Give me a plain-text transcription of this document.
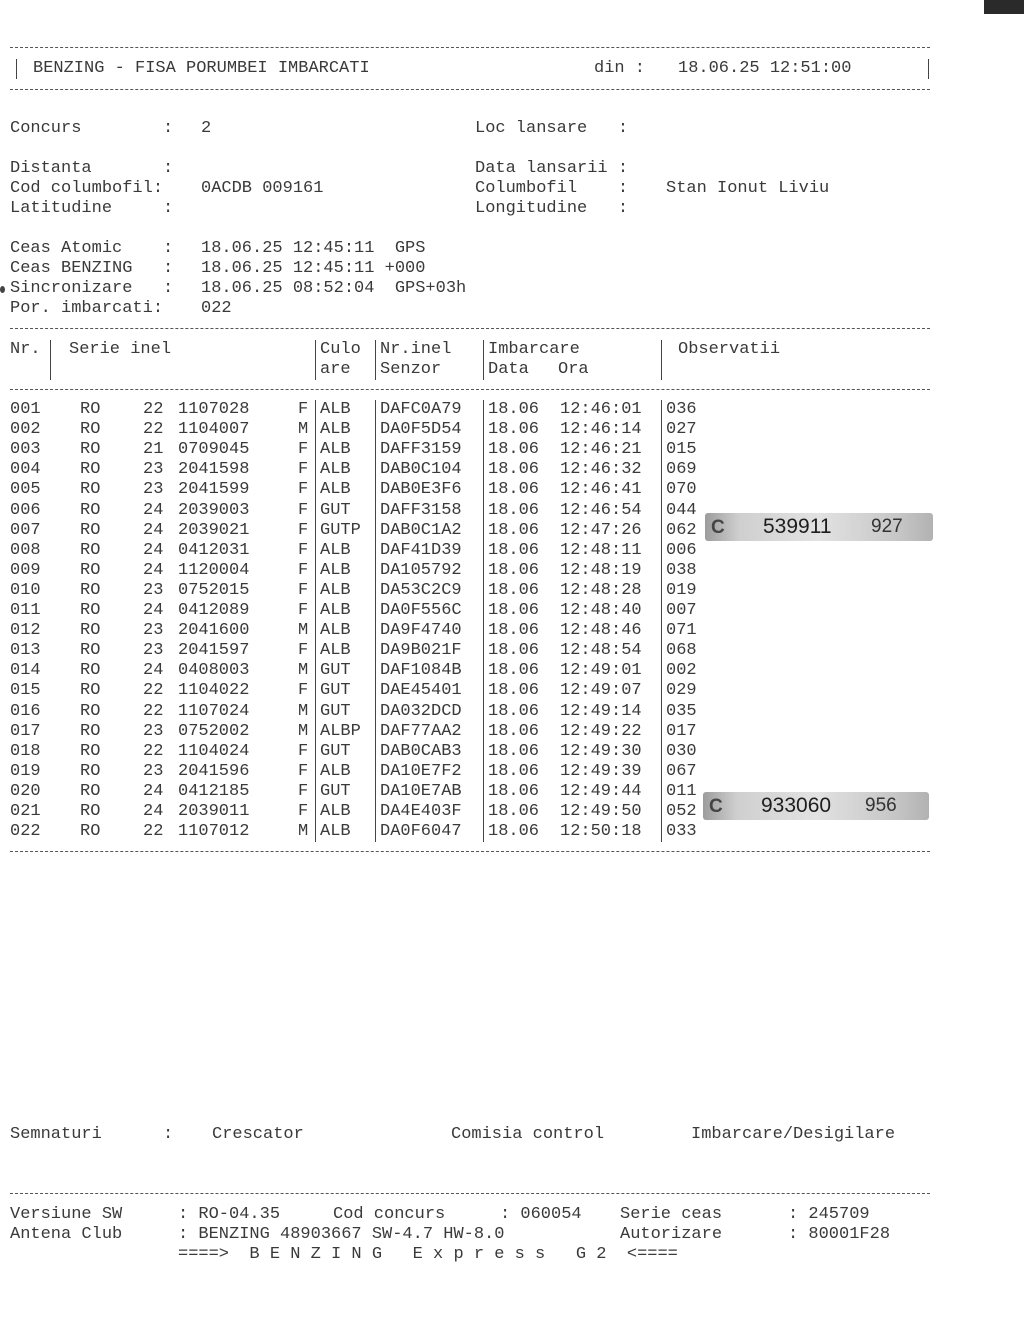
BENZING - FISA PORUMBEI IMBARCATI	din : 18.06.25 12:51:00
Concurs        : 2	Loc lansare   :
Distanta       :	Data lansarii :
Cod columbofil: 0ACDB 009161	Columbofil    : Stan Ionut Liviu
Latitudine     :	Longitudine   :
Ceas Atomic    : 18.06.25 12:45:11  GPS
Ceas BENZING   : 18.06.25 12:45:11 +000
Sincronizare   : 18.06.25 08:52:04  GPS+03h
Por. imbarcati: 022
Nr. Serie inel	Culo
are
Nr.inel
Senzor
Imbarcare
Data Ora
Observatii
001 RO	22 1107028	F ALB DAFC0A79 18.06 12:46:01 036
002 RO	22 1104007	M ALB DA0F5D54 18.06 12:46:14 027
003 RO	21 0709045	F ALB DAFF3159 18.06 12:46:21 015
004 RO	23 2041598	F ALB DAB0C104 18.06 12:46:32 069
005 RO	23 2041599	F ALB DAB0E3F6 18.06 12:46:41 070
006 RO	24 2039003	F GUT DAFF3158 18.06 12:46:54 044
007 RO	24 2039021	F GUTP DAB0C1A2 18.06 12:47:26 062
008 RO	24 0412031	F ALB DAF41D39 18.06 12:48:11 006
009 RO	24 1120004	F ALB DA105792 18.06 12:48:19 038
010 RO	23 0752015	F ALB DA53C2C9 18.06 12:48:28 019
011 RO	24 0412089	F ALB DA0F556C 18.06 12:48:40 007
012 RO	23 2041600	M ALB DA9F4740 18.06 12:48:46 071
013 RO	23 2041597	F ALB DA9B021F 18.06 12:48:54 068
014 RO	24 0408003	M GUT DAF1084B 18.06 12:49:01 002
015 RO	22 1104022	F GUT DAE45401 18.06 12:49:07 029
016 RO	22 1107024	M GUT DA032DCD 18.06 12:49:14 035
017 RO	23 0752002	M ALBP DAF77AA2 18.06 12:49:22 017
018 RO	22 1104024	F GUT DAB0CAB3 18.06 12:49:30 030
019 RO	23 2041596	F ALB DA10E7F2 18.06 12:49:39 067
020 RO	24 0412185	F GUT DA10E7AB 18.06 12:49:44 011
021 RO	24 2039011	F ALB DA4E403F 18.06 12:49:50 052
022 RO	22 1107012	M ALB DA0F6047 18.06 12:50:18 033
C 539911 927
C 933060 956
Semnaturi      : Crescator	Comisia control	Imbarcare/Desigilare
Versiune SW	: RO-04.35	Cod concurs	: 060054 Serie ceas	: 245709
Antena Club	: BENZING 48903667 SW-4.7 HW-8.0	Autorizare	: 80001F28
====>  B E N Z I N G   E x p r e s s   G 2  <====
